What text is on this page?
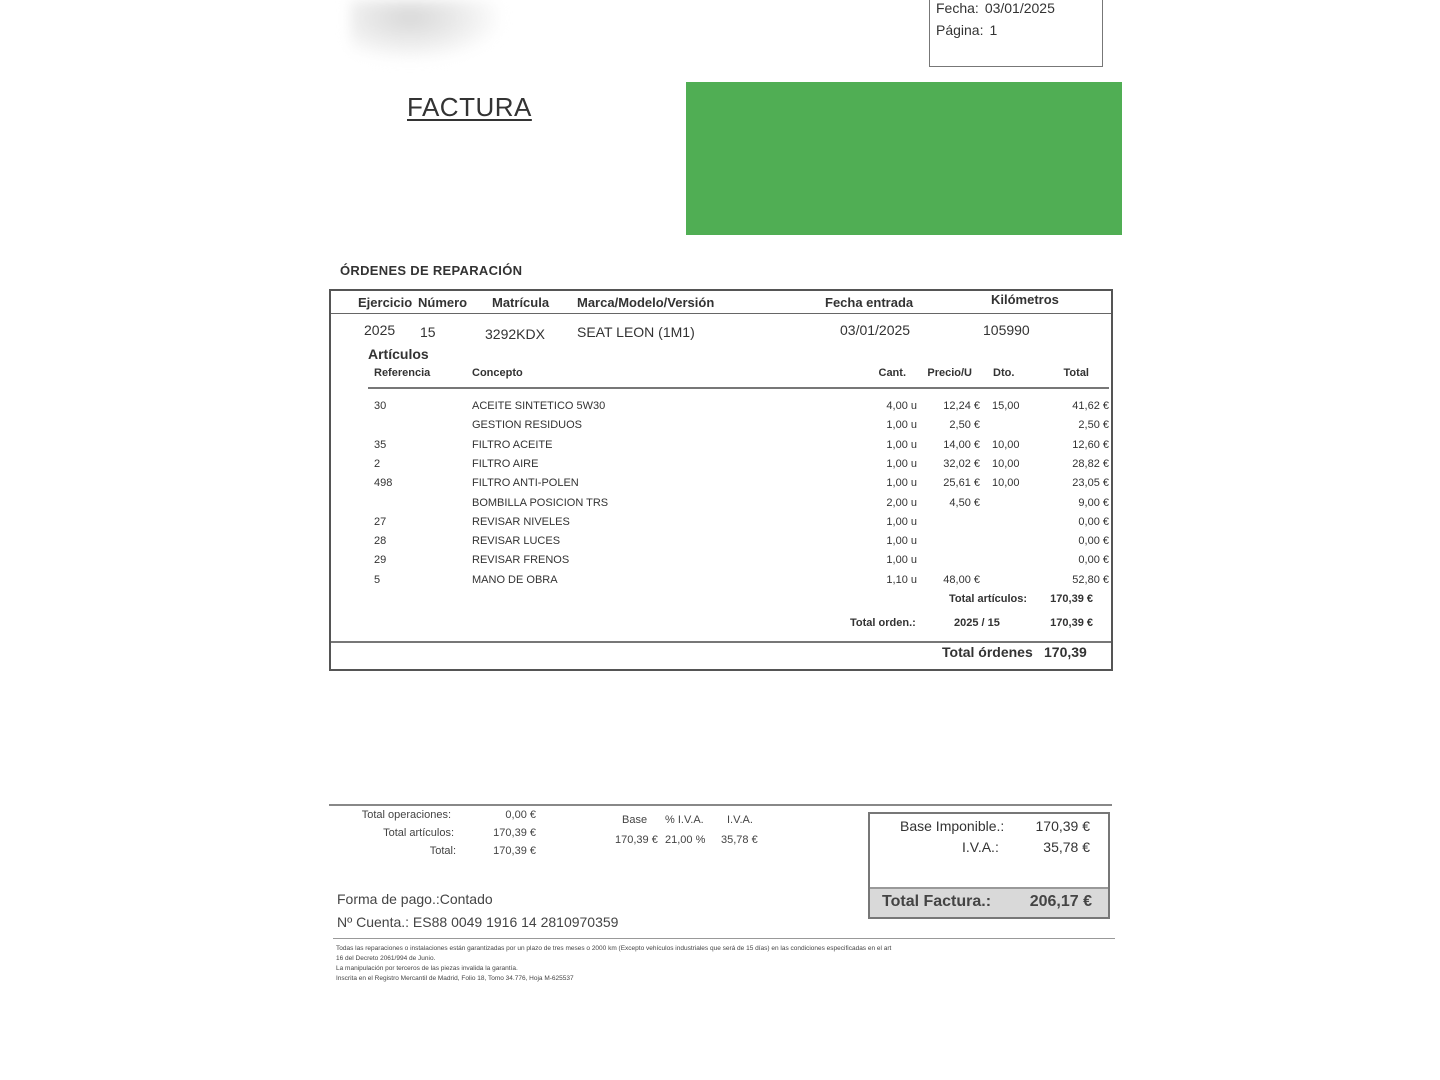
Fecha: 03/01/2025
Página: 1
FACTURA
ÓRDENES DE REPARACIÓN
Ejercicio Número Matrícula Marca/Modelo/Versión	Fecha entrada	Kilómetros
2025 15	3292KDX SEAT LEON (1M1)	03/01/2025	105990
Artículos
Referencia	Concepto	Cant.	Precio/U Dto.	Total
30	ACEITE SINTETICO 5W30	4,00 u	12,24 € 15,00	41,62 €
GESTION RESIDUOS	1,00 u	2,50 €	2,50 €
35	FILTRO ACEITE	1,00 u	14,00 € 10,00	12,60 €
2	FILTRO AIRE	1,00 u	32,02 € 10,00	28,82 €
498	FILTRO ANTI-POLEN	1,00 u	25,61 € 10,00	23,05 €
BOMBILLA POSICION TRS	2,00 u	4,50 €	9,00 €
27	REVISAR NIVELES	1,00 u	0,00 €
28	REVISAR LUCES	1,00 u	0,00 €
29	REVISAR FRENOS	1,00 u	0,00 €
5	MANO DE OBRA	1,10 u	48,00 €	52,80 €
Total artículos:	170,39 €
Total orden.:	2025 / 15	170,39 €
Total órdenes 170,39
Total operaciones:	0,00 €
Total artículos:	170,39 €
Total:	170,39 €
Base % I.V.A. I.V.A.
170,39 € 21,00 % 35,78 €
Base Imponible.:	170,39 €
I.V.A.:	35,78 €
Total Factura.:	206,17 €
Forma de pago.:Contado
Nº Cuenta.: ES88 0049 1916 14 2810970359
Todas las reparaciones o instalaciones están garantizadas por un plazo de tres meses o 2000 km (Excepto vehículos industriales que será de 15 días) en las condiciones especificadas en el art
16 del Decreto 2061/994 de Junio.
La manipulación por terceros de las piezas invalida la garantía.
Inscrita en el Registro Mercantil de Madrid, Folio 18, Tomo 34.776, Hoja M-625537
